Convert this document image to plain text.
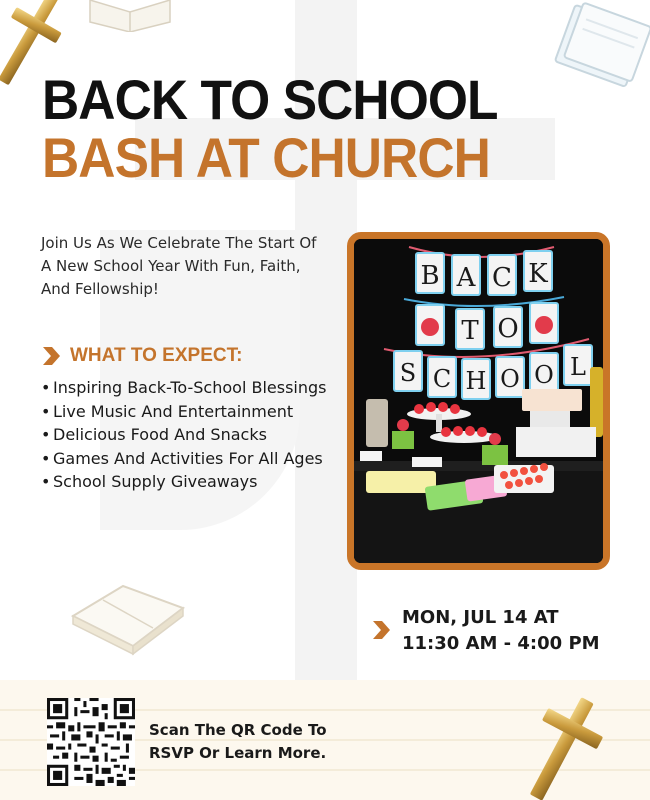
BACK TO SCHOOL
BASH AT CHURCH

Join Us As We Celebrate The Start Of A New School Year With Fun, Faith, And Fellowship!

WHAT TO EXPECT:
• Inspiring Back-To-School Blessings
• Live Music And Entertainment
• Delicious Food And Snacks
• Games And Activities For All Ages
• School Supply Giveaways
B A C K
T O
S C H O O L
MON, JUL 14 AT
11:30 AM - 4:00 PM
Scan The QR Code To RSVP Or Learn More.
